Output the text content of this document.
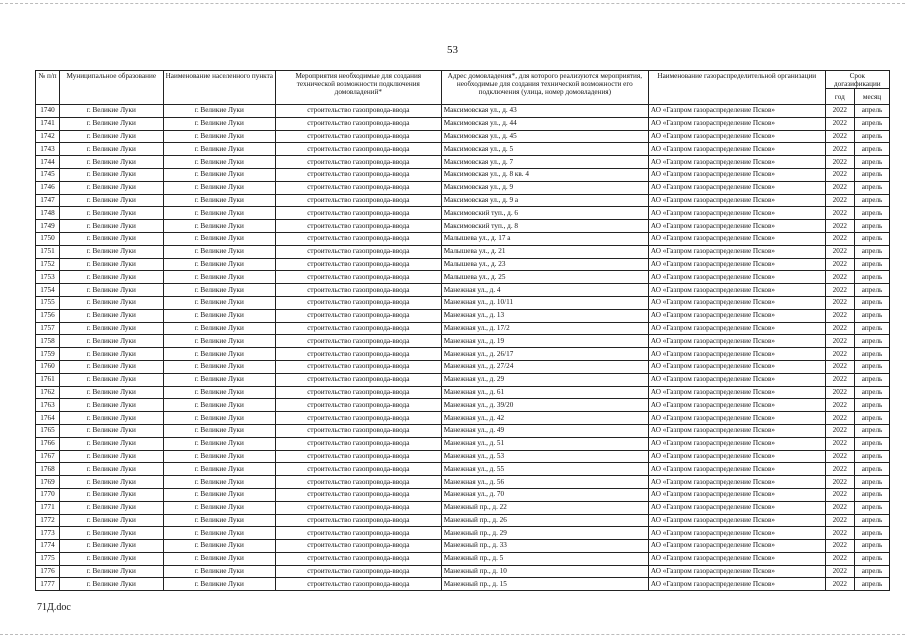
53
№ п/п	Муниципальное образование	Наименование населенного пункта	Мероприятия необходимые для создания технической возможности подключения домовладений*	Адрес домовладения*, для которого реализуются мероприятия, необходимые для создания технической возможности его подключения (улица, номер домовладения)	Наименование газораспределительной организации	Срок догазификации	
						год	месяц
1740	г. Великие Луки	г. Великие Луки	строительство газопровода-ввода	Максимовская ул., д. 43	АО «Газпром газораспределение Псков»	2022	апрель
1741	г. Великие Луки	г. Великие Луки	строительство газопровода-ввода	Максимовская ул., д. 44	АО «Газпром газораспределение Псков»	2022	апрель
1742	г. Великие Луки	г. Великие Луки	строительство газопровода-ввода	Максимовская ул., д. 45	АО «Газпром газораспределение Псков»	2022	апрель
1743	г. Великие Луки	г. Великие Луки	строительство газопровода-ввода	Максимовская ул., д. 5	АО «Газпром газораспределение Псков»	2022	апрель
1744	г. Великие Луки	г. Великие Луки	строительство газопровода-ввода	Максимовская ул., д. 7	АО «Газпром газораспределение Псков»	2022	апрель
1745	г. Великие Луки	г. Великие Луки	строительство газопровода-ввода	Максимовская ул., д. 8 кв. 4	АО «Газпром газораспределение Псков»	2022	апрель
1746	г. Великие Луки	г. Великие Луки	строительство газопровода-ввода	Максимовская ул., д. 9	АО «Газпром газораспределение Псков»	2022	апрель
1747	г. Великие Луки	г. Великие Луки	строительство газопровода-ввода	Максимовская ул., д. 9 а	АО «Газпром газораспределение Псков»	2022	апрель
1748	г. Великие Луки	г. Великие Луки	строительство газопровода-ввода	Максимовский туп., д. 6	АО «Газпром газораспределение Псков»	2022	апрель
1749	г. Великие Луки	г. Великие Луки	строительство газопровода-ввода	Максимовский туп., д. 8	АО «Газпром газораспределение Псков»	2022	апрель
1750	г. Великие Луки	г. Великие Луки	строительство газопровода-ввода	Малышева ул., д. 17 а	АО «Газпром газораспределение Псков»	2022	апрель
1751	г. Великие Луки	г. Великие Луки	строительство газопровода-ввода	Малышева ул., д. 21	АО «Газпром газораспределение Псков»	2022	апрель
1752	г. Великие Луки	г. Великие Луки	строительство газопровода-ввода	Малышева ул., д. 23	АО «Газпром газораспределение Псков»	2022	апрель
1753	г. Великие Луки	г. Великие Луки	строительство газопровода-ввода	Малышева ул., д. 25	АО «Газпром газораспределение Псков»	2022	апрель
1754	г. Великие Луки	г. Великие Луки	строительство газопровода-ввода	Манежная ул., д. 4	АО «Газпром газораспределение Псков»	2022	апрель
1755	г. Великие Луки	г. Великие Луки	строительство газопровода-ввода	Манежная ул., д. 10/11	АО «Газпром газораспределение Псков»	2022	апрель
1756	г. Великие Луки	г. Великие Луки	строительство газопровода-ввода	Манежная ул., д. 13	АО «Газпром газораспределение Псков»	2022	апрель
1757	г. Великие Луки	г. Великие Луки	строительство газопровода-ввода	Манежная ул., д. 17/2	АО «Газпром газораспределение Псков»	2022	апрель
1758	г. Великие Луки	г. Великие Луки	строительство газопровода-ввода	Манежная ул., д. 19	АО «Газпром газораспределение Псков»	2022	апрель
1759	г. Великие Луки	г. Великие Луки	строительство газопровода-ввода	Манежная ул., д. 26/17	АО «Газпром газораспределение Псков»	2022	апрель
1760	г. Великие Луки	г. Великие Луки	строительство газопровода-ввода	Манежная ул., д. 27/24	АО «Газпром газораспределение Псков»	2022	апрель
1761	г. Великие Луки	г. Великие Луки	строительство газопровода-ввода	Манежная ул., д. 29	АО «Газпром газораспределение Псков»	2022	апрель
1762	г. Великие Луки	г. Великие Луки	строительство газопровода-ввода	Манежная ул., д. 61	АО «Газпром газораспределение Псков»	2022	апрель
1763	г. Великие Луки	г. Великие Луки	строительство газопровода-ввода	Манежная ул., д. 39/20	АО «Газпром газораспределение Псков»	2022	апрель
1764	г. Великие Луки	г. Великие Луки	строительство газопровода-ввода	Манежная ул., д. 42	АО «Газпром газораспределение Псков»	2022	апрель
1765	г. Великие Луки	г. Великие Луки	строительство газопровода-ввода	Манежная ул., д. 49	АО «Газпром газораспределение Псков»	2022	апрель
1766	г. Великие Луки	г. Великие Луки	строительство газопровода-ввода	Манежная ул., д. 51	АО «Газпром газораспределение Псков»	2022	апрель
1767	г. Великие Луки	г. Великие Луки	строительство газопровода-ввода	Манежная ул., д. 53	АО «Газпром газораспределение Псков»	2022	апрель
1768	г. Великие Луки	г. Великие Луки	строительство газопровода-ввода	Манежная ул., д. 55	АО «Газпром газораспределение Псков»	2022	апрель
1769	г. Великие Луки	г. Великие Луки	строительство газопровода-ввода	Манежная ул., д. 56	АО «Газпром газораспределение Псков»	2022	апрель
1770	г. Великие Луки	г. Великие Луки	строительство газопровода-ввода	Манежная ул., д. 70	АО «Газпром газораспределение Псков»	2022	апрель
1771	г. Великие Луки	г. Великие Луки	строительство газопровода-ввода	Манежный пр., д. 22	АО «Газпром газораспределение Псков»	2022	апрель
1772	г. Великие Луки	г. Великие Луки	строительство газопровода-ввода	Манежный пр., д. 26	АО «Газпром газораспределение Псков»	2022	апрель
1773	г. Великие Луки	г. Великие Луки	строительство газопровода-ввода	Манежный пр., д. 29	АО «Газпром газораспределение Псков»	2022	апрель
1774	г. Великие Луки	г. Великие Луки	строительство газопровода-ввода	Манежный пр., д. 33	АО «Газпром газораспределение Псков»	2022	апрель
1775	г. Великие Луки	г. Великие Луки	строительство газопровода-ввода	Манежный пр., д. 5	АО «Газпром газораспределение Псков»	2022	апрель
1776	г. Великие Луки	г. Великие Луки	строительство газопровода-ввода	Манежный пр., д. 10	АО «Газпром газораспределение Псков»	2022	апрель
1777	г. Великие Луки	г. Великие Луки	строительство газопровода-ввода	Манежный пр., д. 15	АО «Газпром газораспределение Псков»	2022	апрель
71Д.doc
